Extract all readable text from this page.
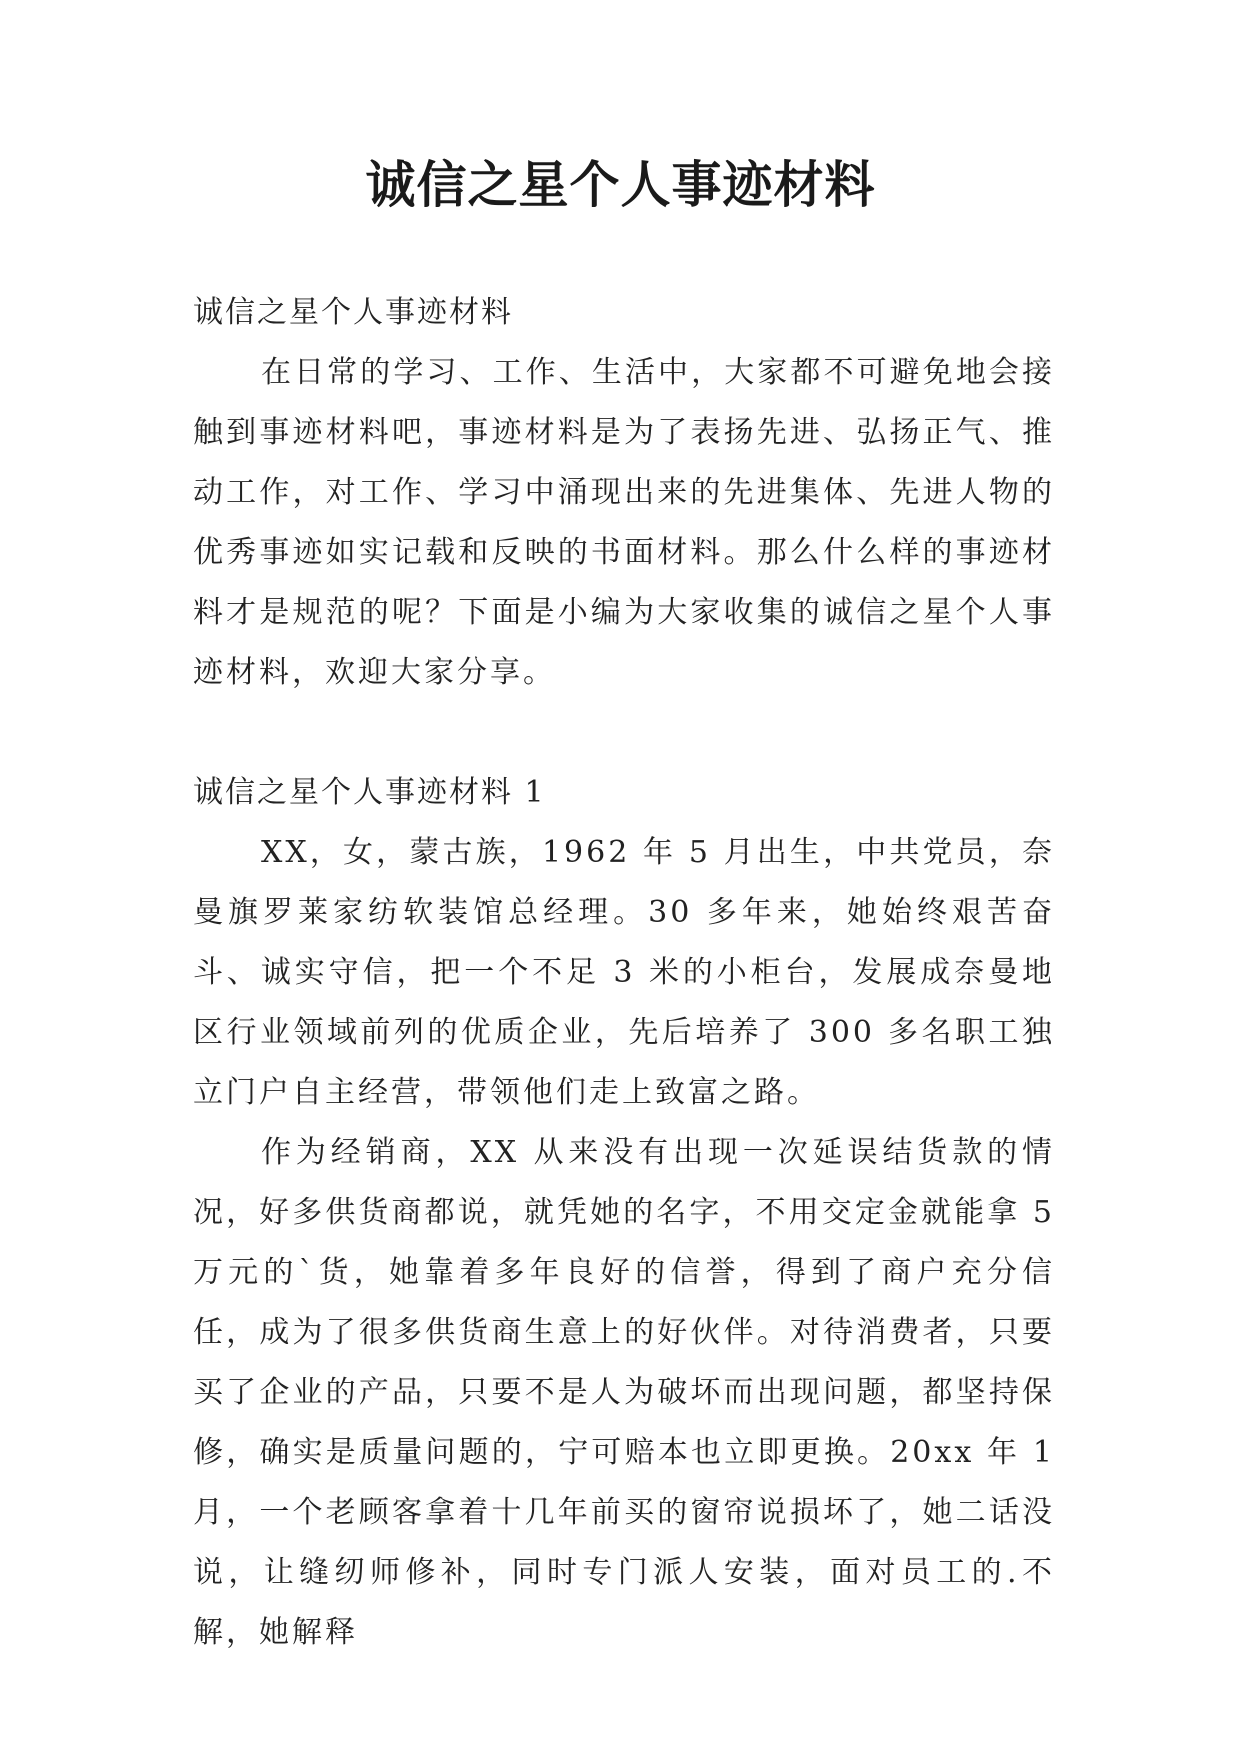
诚信之星个人事迹材料

诚信之星个人事迹材料

在日常的学习、工作、生活中，大家都不可避免地会接触到事迹材料吧，事迹材料是为了表扬先进、弘扬正气、推动工作，对工作、学习中涌现出来的先进集体、先进人物的优秀事迹如实记载和反映的书面材料。那么什么样的事迹材料才是规范的呢？下面是小编为大家收集的诚信之星个人事迹材料，欢迎大家分享。

诚信之星个人事迹材料 1

XX，女，蒙古族，1962 年 5 月出生，中共党员，奈曼旗罗莱家纺软装馆总经理。30 多年来，她始终艰苦奋斗、诚实守信，把一个不足 3 米的小柜台，发展成奈曼地区行业领域前列的优质企业，先后培养了 300 多名职工独立门户自主经营，带领他们走上致富之路。

作为经销商，XX 从来没有出现一次延误结货款的情况，好多供货商都说，就凭她的名字，不用交定金就能拿 5 万元的`货，她靠着多年良好的信誉，得到了商户充分信任，成为了很多供货商生意上的好伙伴。对待消费者，只要买了企业的产品，只要不是人为破坏而出现问题，都坚持保修，确实是质量问题的，宁可赔本也立即更换。20xx 年 1 月，一个老顾客拿着十几年前买的窗帘说损坏了，她二话没说，让缝纫师修补，同时专门派人安装，面对员工的.不解，她解释
